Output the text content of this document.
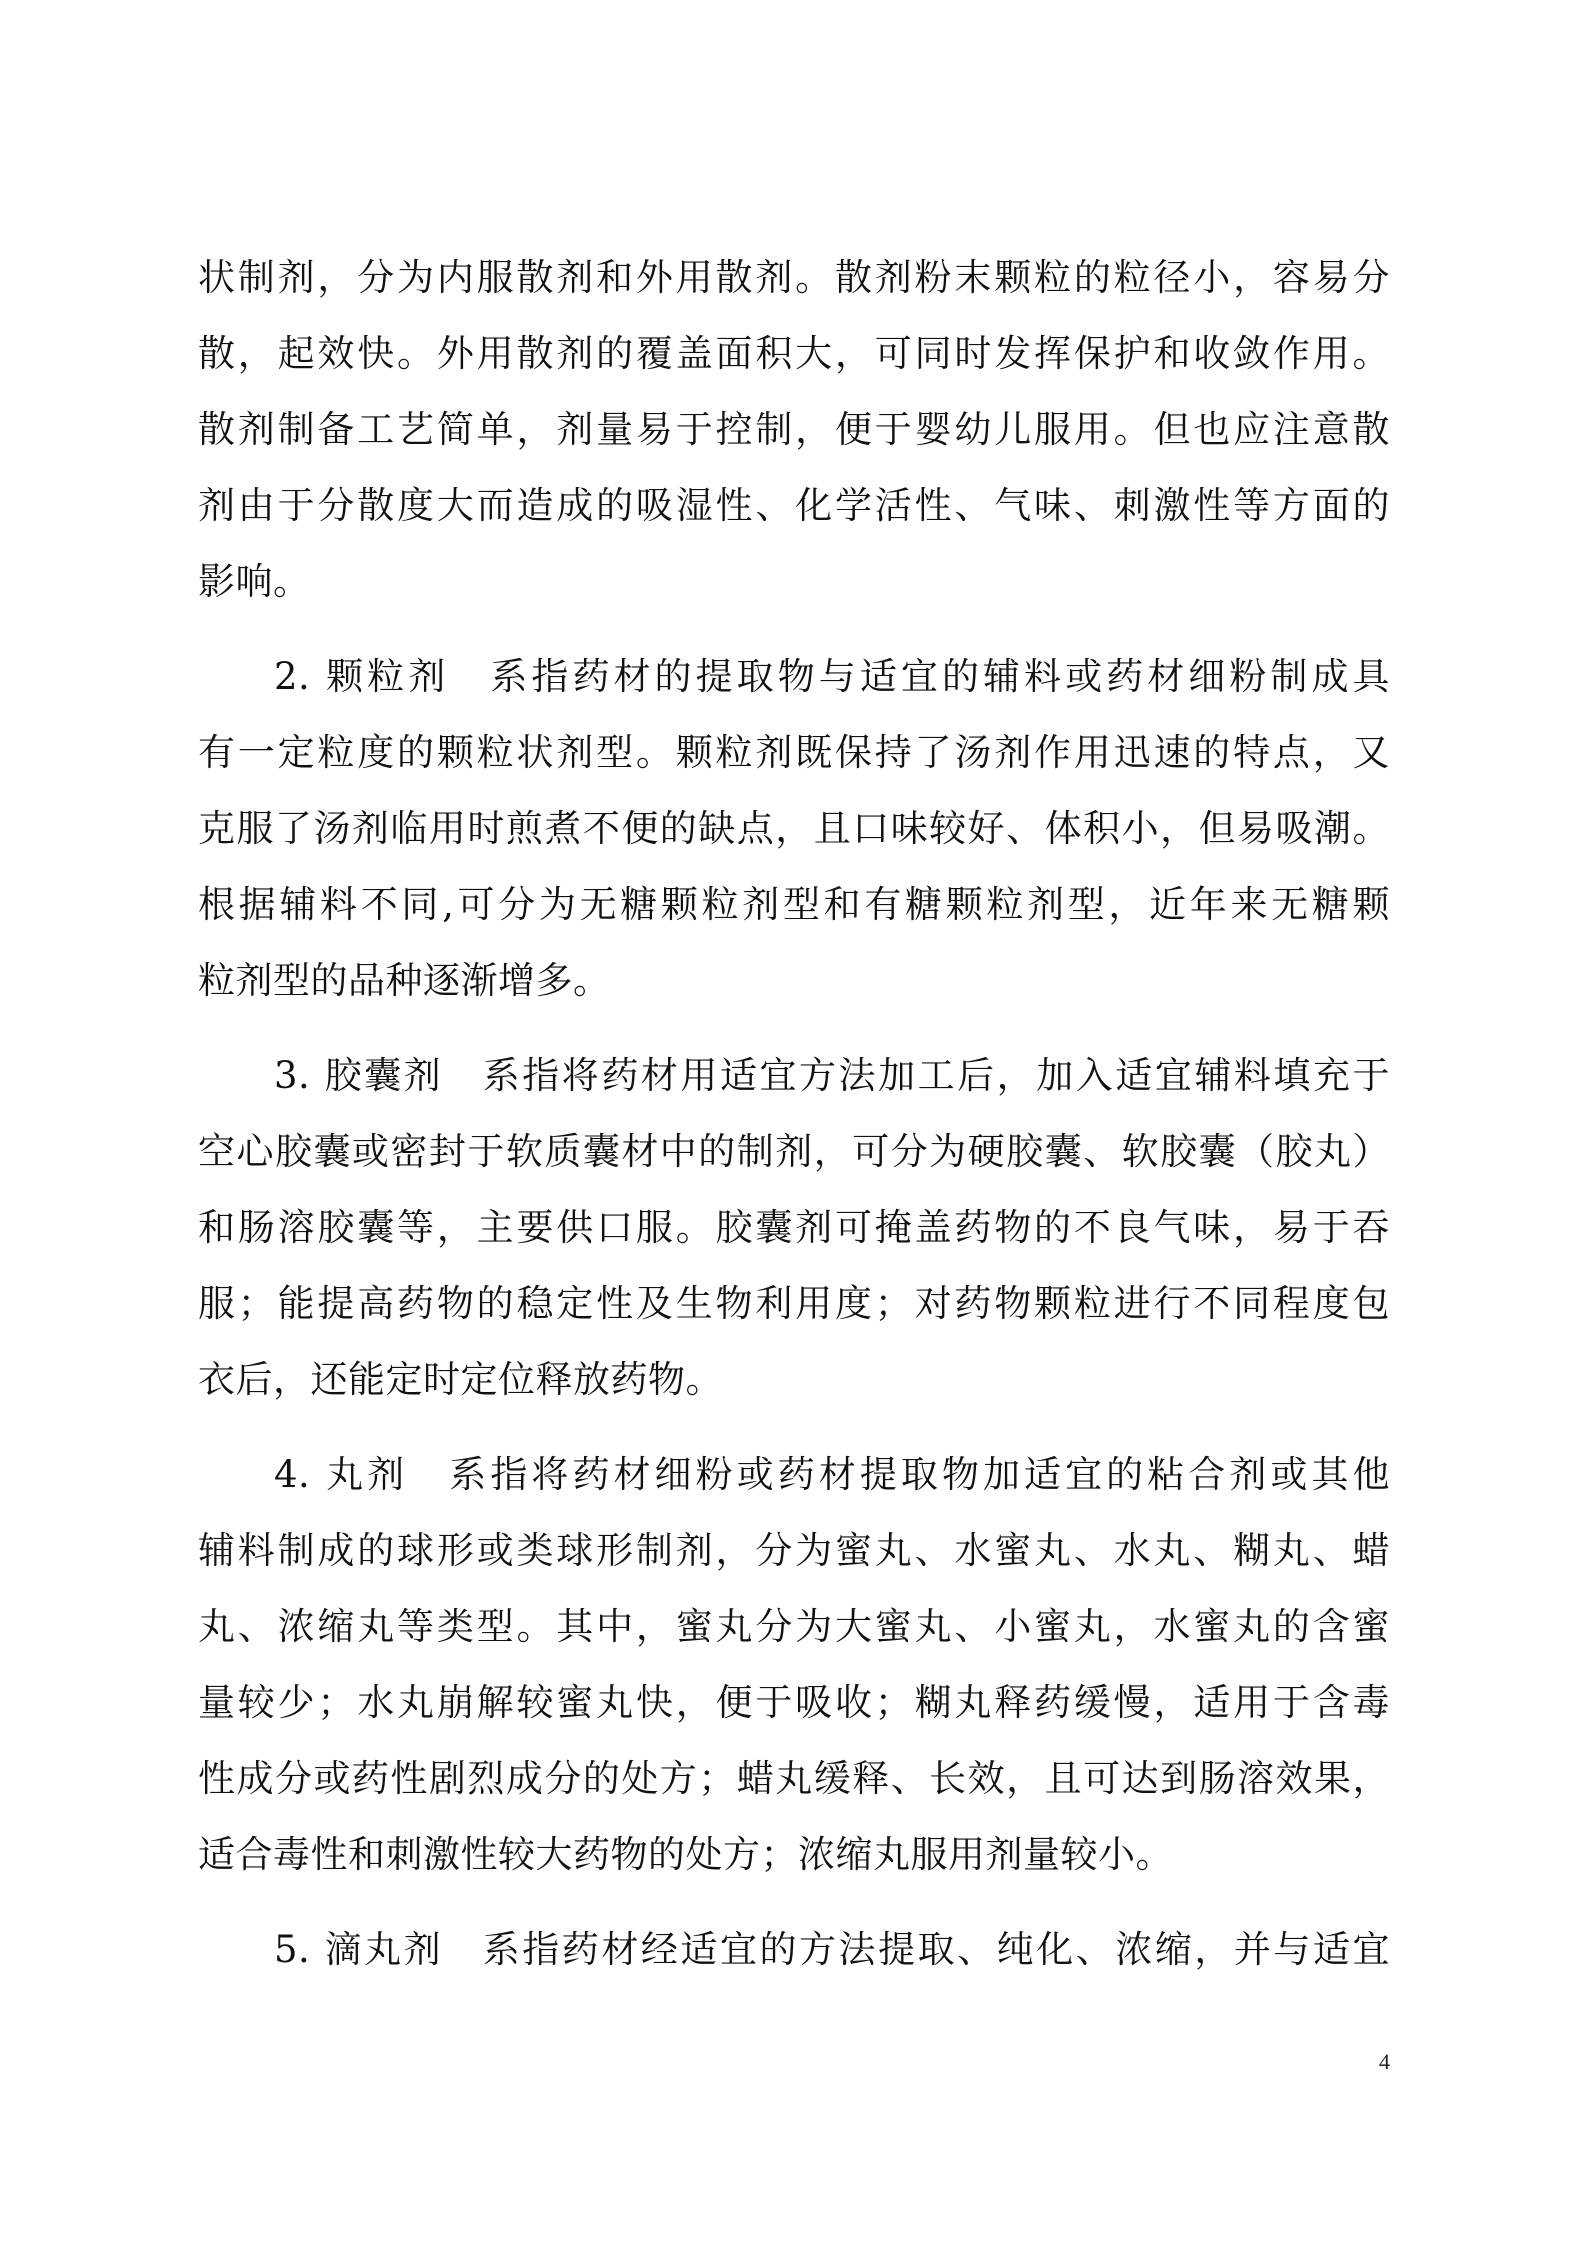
状制剂，分为内服散剂和外用散剂。散剂粉末颗粒的粒径小，容易分
散，起效快。外用散剂的覆盖面积大，可同时发挥保护和收敛作用。
散剂制备工艺简单，剂量易于控制，便于婴幼儿服用。但也应注意散
剂由于分散度大而造成的吸湿性、化学活性、气味、刺激性等方面的
影响。
2. 颗粒剂　系指药材的提取物与适宜的辅料或药材细粉制成具
有一定粒度的颗粒状剂型。颗粒剂既保持了汤剂作用迅速的特点，又
克服了汤剂临用时煎煮不便的缺点，且口味较好、体积小，但易吸潮。
根据辅料不同,可分为无糖颗粒剂型和有糖颗粒剂型，近年来无糖颗
粒剂型的品种逐渐增多。
3. 胶囊剂　系指将药材用适宜方法加工后，加入适宜辅料填充于
空心胶囊或密封于软质囊材中的制剂，可分为硬胶囊、软胶囊（胶丸）
和肠溶胶囊等，主要供口服。胶囊剂可掩盖药物的不良气味，易于吞
服；能提高药物的稳定性及生物利用度；对药物颗粒进行不同程度包
衣后，还能定时定位释放药物。
4. 丸剂　系指将药材细粉或药材提取物加适宜的粘合剂或其他
辅料制成的球形或类球形制剂，分为蜜丸、水蜜丸、水丸、糊丸、蜡
丸、浓缩丸等类型。其中，蜜丸分为大蜜丸、小蜜丸，水蜜丸的含蜜
量较少；水丸崩解较蜜丸快，便于吸收；糊丸释药缓慢，适用于含毒
性成分或药性剧烈成分的处方；蜡丸缓释、长效，且可达到肠溶效果，
适合毒性和刺激性较大药物的处方；浓缩丸服用剂量较小。
5. 滴丸剂　系指药材经适宜的方法提取、纯化、浓缩，并与适宜
4
